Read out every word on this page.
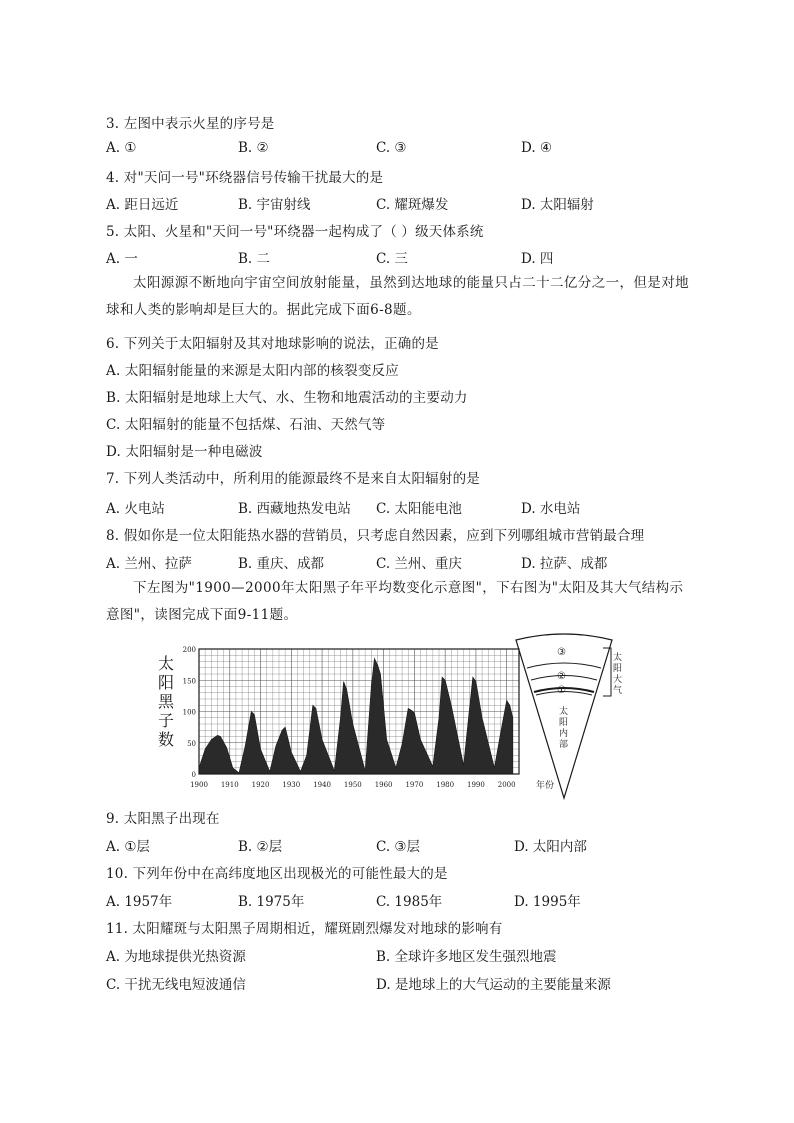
3. 左图中表示火星的序号是
A. ①	B. ②	C. ③	D. ④
4. 对"天问一号"环绕器信号传输干扰最大的是
A. 距日远近	B. 宇宙射线	C. 耀斑爆发	D. 太阳辐射
5. 太阳、火星和"天问一号"环绕器一起构成了（ ）级天体系统
A. 一	B. 二	C. 三	D. 四
太阳源源不断地向宇宙空间放射能量，虽然到达地球的能量只占二十二亿分之一，但是对地球和人类的影响却是巨大的。据此完成下面6-8题。
6. 下列关于太阳辐射及其对地球影响的说法，正确的是
A. 太阳辐射能量的来源是太阳内部的核裂变反应
B. 太阳辐射是地球上大气、水、生物和地震活动的主要动力
C. 太阳辐射的能量不包括煤、石油、天然气等
D. 太阳辐射是一种电磁波
7. 下列人类活动中，所利用的能源最终不是来自太阳辐射的是
A. 火电站	B. 西藏地热发电站 C. 太阳能电池	D. 水电站
8. 假如你是一位太阳能热水器的营销员，只考虑自然因素，应到下列哪组城市营销最合理
A. 兰州、拉萨	B. 重庆、成都	C. 兰州、重庆	D. 拉萨、成都
下左图为"1900—2000年太阳黑子年平均数变化示意图"，下右图为"太阳及其大气结构示意图"，读图完成下面9-11题。
0
50
100
150
200
1900 1910 1920 1930 1940 1950 1960 1970 1980 1990 2000
太
阳
黑
子
数
年份
③
②
①
太
阳
内
部
太
阳
大
气
9. 太阳黑子出现在
A. ①层	B. ②层	C. ③层	D. 太阳内部
10. 下列年份中在高纬度地区出现极光的可能性最大的是
A. 1957年	B. 1975年	C. 1985年	D. 1995年
11. 太阳耀斑与太阳黑子周期相近，耀斑剧烈爆发对地球的影响有
A. 为地球提供光热资源	B. 全球许多地区发生强烈地震
C. 干扰无线电短波通信	D. 是地球上的大气运动的主要能量来源
